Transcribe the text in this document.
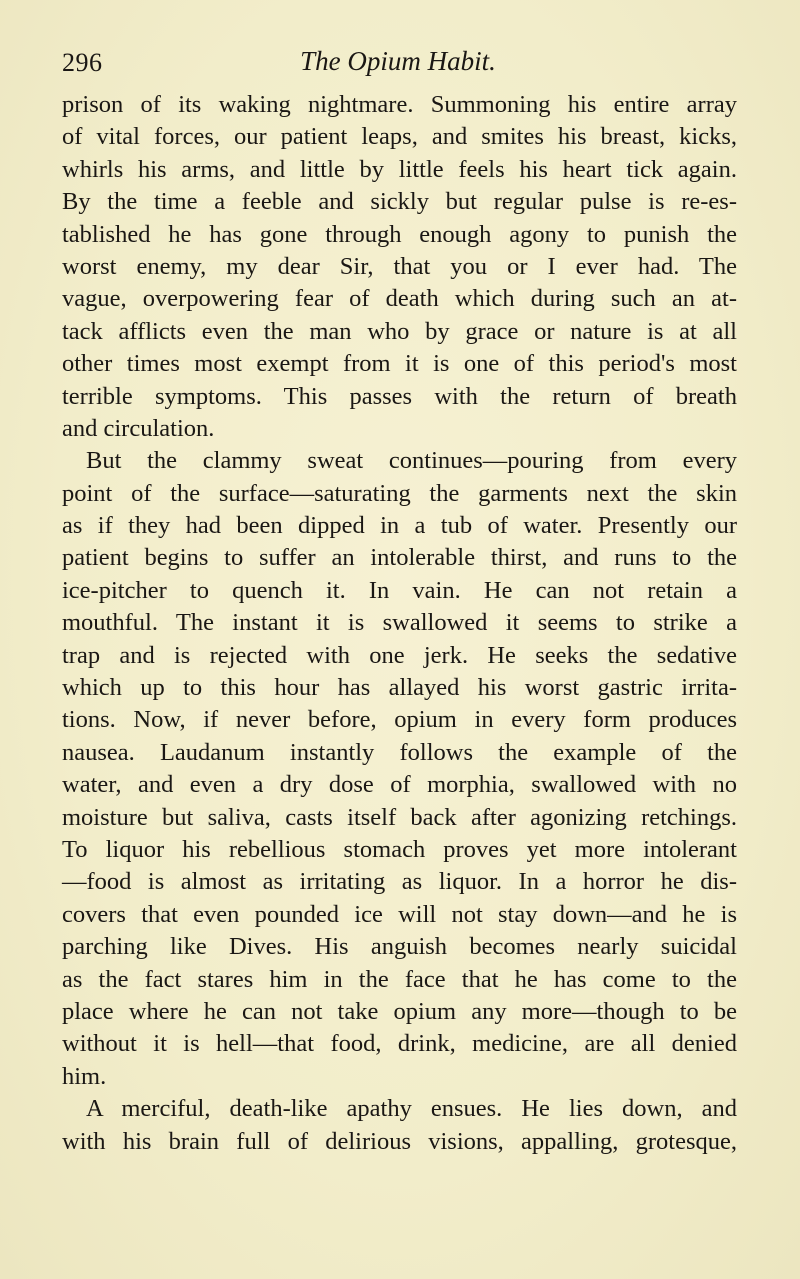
296	The Opium Habit.
prison of its waking nightmare. Summoning his entire array
of vital forces, our patient leaps, and smites his breast, kicks,
whirls his arms, and little by little feels his heart tick again.
By the time a feeble and sickly but regular pulse is re-es-
tablished he has gone through enough agony to punish the
worst enemy, my dear Sir, that you or I ever had. The
vague, overpowering fear of death which during such an at-
tack afflicts even the man who by grace or nature is at all
other times most exempt from it is one of this period's most
terrible symptoms. This passes with the return of breath
and circulation.
But the clammy sweat continues—pouring from every
point of the surface—saturating the garments next the skin
as if they had been dipped in a tub of water. Presently our
patient begins to suffer an intolerable thirst, and runs to the
ice-pitcher to quench it. In vain. He can not retain a
mouthful. The instant it is swallowed it seems to strike a
trap and is rejected with one jerk. He seeks the sedative
which up to this hour has allayed his worst gastric irrita-
tions. Now, if never before, opium in every form produces
nausea. Laudanum instantly follows the example of the
water, and even a dry dose of morphia, swallowed with no
moisture but saliva, casts itself back after agonizing retchings.
To liquor his rebellious stomach proves yet more intolerant
—food is almost as irritating as liquor. In a horror he dis-
covers that even pounded ice will not stay down—and he is
parching like Dives. His anguish becomes nearly suicidal
as the fact stares him in the face that he has come to the
place where he can not take opium any more—though to be
without it is hell—that food, drink, medicine, are all denied
him.
A merciful, death-like apathy ensues. He lies down, and
with his brain full of delirious visions, appalling, grotesque,
